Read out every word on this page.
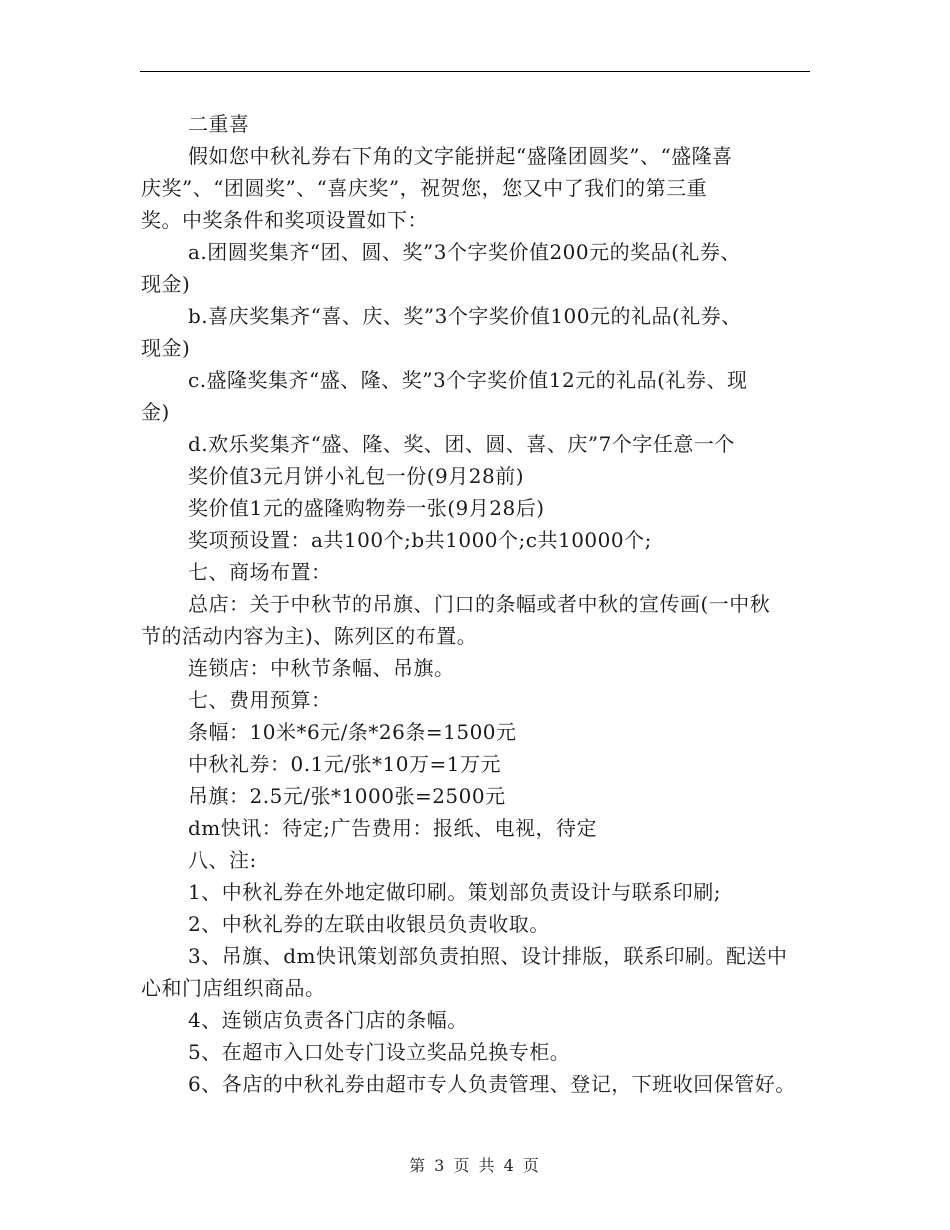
二重喜

假如您中秋礼券右下角的文字能拼起“盛隆团圆奖”、“盛隆喜

庆奖”、“团圆奖”、“喜庆奖”，祝贺您，您又中了我们的第三重

奖。中奖条件和奖项设置如下：

a.团圆奖集齐“团、圆、奖”3个字奖价值200元的奖品(礼券、

现金)

b.喜庆奖集齐“喜、庆、奖”3个字奖价值100元的礼品(礼券、

现金)

c.盛隆奖集齐“盛、隆、奖”3个字奖价值12元的礼品(礼券、现

金)

d.欢乐奖集齐“盛、隆、奖、团、圆、喜、庆”7个字任意一个

奖价值3元月饼小礼包一份(9月28前)

奖价值1元的盛隆购物券一张(9月28后)

奖项预设置：a共100个;b共1000个;c共10000个;

七、商场布置：

总店：关于中秋节的吊旗、门口的条幅或者中秋的宣传画(一中秋

节的活动内容为主)、陈列区的布置。

连锁店：中秋节条幅、吊旗。

七、费用预算：

条幅：10米*6元/条*26条=1500元

中秋礼券：0.1元/张*10万=1万元

吊旗：2.5元/张*1000张=2500元

dm快讯：待定;广告费用：报纸、电视，待定

八、注:

1、中秋礼券在外地定做印刷。策划部负责设计与联系印刷;

2、中秋礼券的左联由收银员负责收取。

3、吊旗、dm快讯策划部负责拍照、设计排版，联系印刷。配送中

心和门店组织商品。

4、连锁店负责各门店的条幅。

5、在超市入口处专门设立奖品兑换专柜。

6、各店的中秋礼券由超市专人负责管理、登记，下班收回保管好。

第 3 页 共 4 页
